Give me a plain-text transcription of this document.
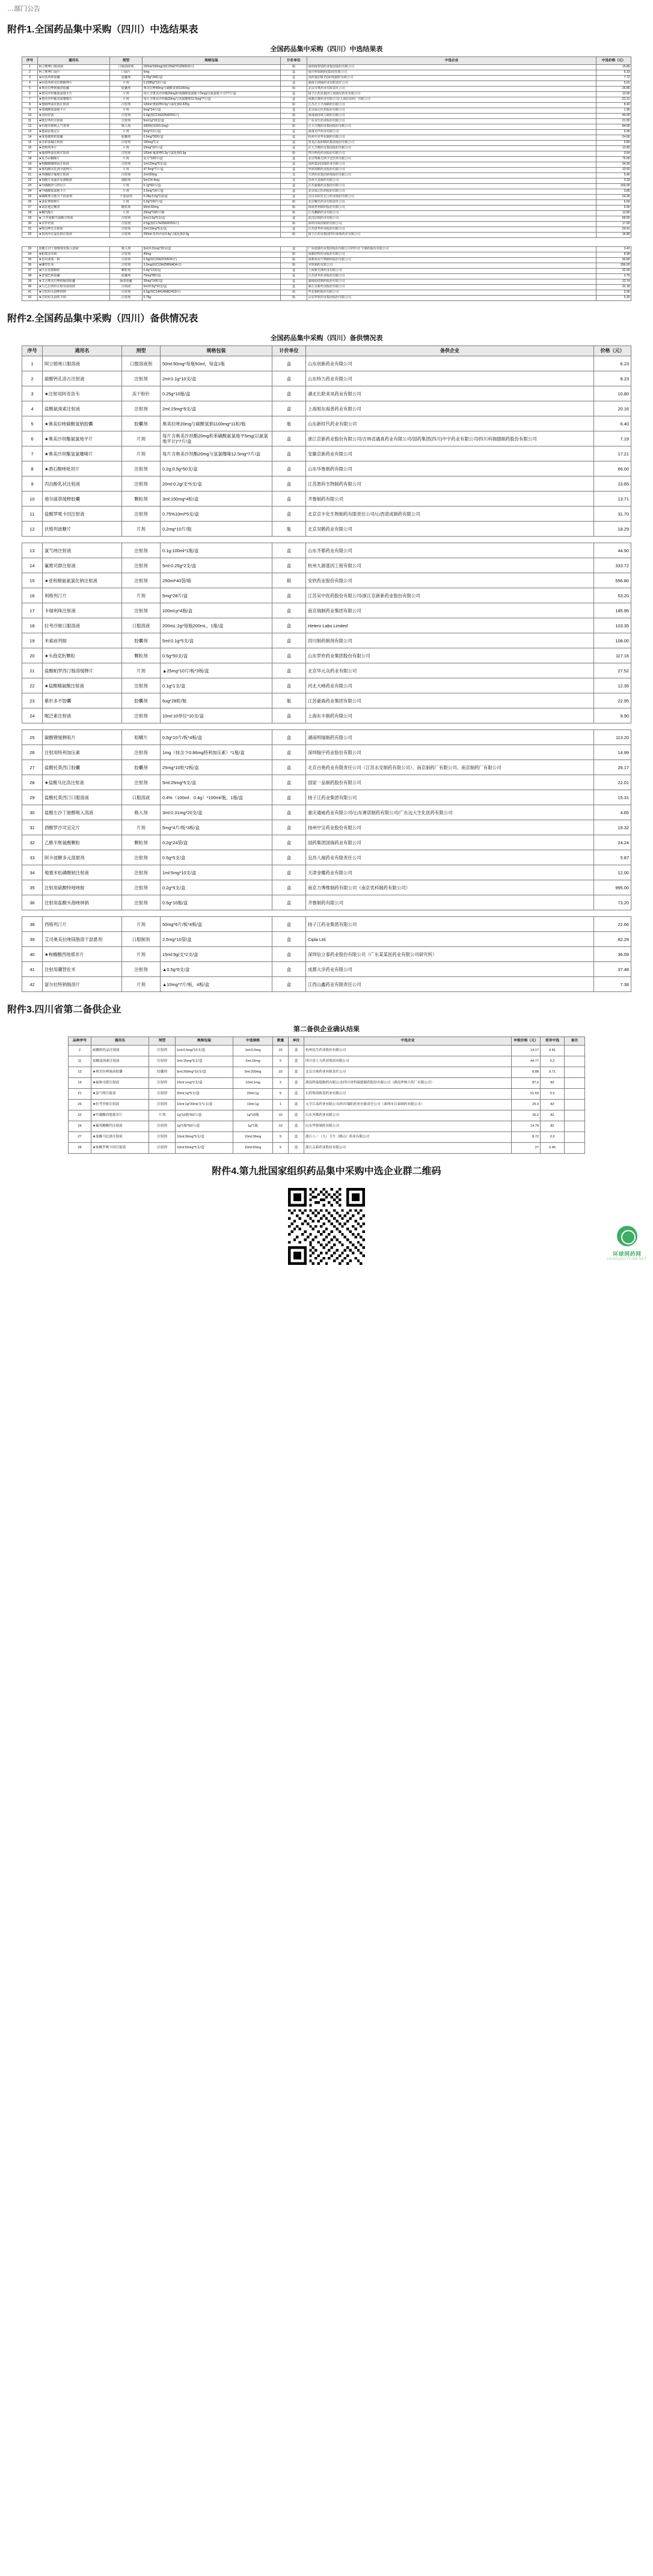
…部门公告
附件1.全国药品集中采购（四川）中选结果表
全国药品集中采购（四川）中选结果表
序号	通用名	剂型	规格包装	计价单位	中选企业	中选价格（元）
1	阿立哌唑口服溶液	口服溶液剂	150ml/150mg(按C23H27Cl2N3O2计)	瓶	深圳海普瑞药业集团股份有限公司	15.80
2	阿立哌唑口崩片	口崩片	5mg	盒	重庆科瑞制药(集团)有限公司	6.33
3	★阿莫西林胶囊	胶囊剂	0.25g*24粒/盒	盒	国药集团致君(深圳)制药有限公司	7.72
4	★阿莫西林克拉维酸钾片	片剂	0.2285g*12片/盒	盒	湖南五洲通药业有限责任公司	5.91
5	★奥美拉唑钠肠溶胶囊	胶囊剂	奥美拉唑40mg与碳酸氢钠1100mg	瓶	北京百奥药业有限责任公司	26.85
6	★奥美沙坦酯氨氯地平片	片剂	每片含奥美沙坦酯20mg和苯磺酸氨氯地平5mg(以氨氯地平计)*7片/盒	盒	扬子江药业集团上海海尼药业有限公司	13.56
7	★奥美沙坦酯氢氯噻嗪片	片剂	每片含奥美沙坦酯20mg与氢氯噻嗪12.5mg*7片/盒	盒	成都正康药业有限公司/上海信谊药厂有限公司	22.31
8	★奥硝唑氯化钠注射液	注射剂	100ml:奥硝唑0.5g与氯化钠0.825g	瓶	江苏正大丰海制药有限公司	8.40
9	★苯磺酸氨氯地平片	片剂	5mg*14片/盒	盒	北京福元医药股份有限公司	1.96
10	★比阿培南	注射剂	0.3g(按C21H22N4O5S计)	瓶	海南通用康力制药有限公司	49.00
11	★吡拉西坦注射液	注射剂	5ml:1g*10支/盒	盒	广东众生药业股份有限公司	21.55
12	★布地奈德吸入气雾剂	吸入剂	200揿(每揿0.1mg)	瓶	正大天晴药业集团股份有限公司	84.00
13	★地氯雷他定片	片剂	5mg*12片/盒	盒	海南先声药业有限公司	6.06
14	★度他雄胺软胶囊	胶囊剂	0.5mg*30粒/盒	盒	杭州中美华东制药有限公司	24.66
15	★多索茶碱注射液	注射剂	100mg*1支	盒	黑龙江福和制药集团股份有限公司	5.80
16	★恩格列净片	片剂	10mg*10片/盒	盒	正大天晴药业集团股份有限公司	12.80
17	★氟康唑氯化钠注射液	注射剂	100ml:氟康唑0.2g与氯化钠0.9g	瓶	四川科伦药业股份有限公司	3.64
18	★复方α-酮酸片	片剂	复方*100片/盒	盒	北京费森尤斯卡比医药有限公司	75.00
19	★枸橼酸咖啡因注射液	注射剂	1ml:20mg*5支/盒	盒	国药集团国瑞药业有限公司	34.90
20	★琥珀酸美托洛尔缓释片	片剂	47.5mg*7片/盒	盒	华润双鹤药业股份有限公司	13.50
21	★环磷腺苷葡胺注射液	注射剂	2ml:90mg	支	天津药业集团新郑股份有限公司	5.90
22	★盐酸左氧氟沙星滴眼液	滴眼剂	5ml:24.4mg	支	苏州天龙制药有限公司	3.33
23	★甲磺酸伊马替尼片	片剂	0.1g*60片/盒	盒	江苏豪森药业集团有限公司	169.00
24	★甲磺酸氨氯地平片	片剂	2.5mg*14片/盒	盒	北京福元医药股份有限公司	3.85
25	★磷酸奥司他韦干混悬剂	干混悬剂	0.36g:0.6g*1袋/盒	盒	宜昌东阳光长江药业股份有限公司	24.36
26	★氯化钾缓释片	片剂	0.5g*100片/盒	瓶	北京曙光药业有限责任公司	6.60
27	★氯雷他定糖浆	糖浆剂	60ml:60mg	瓶	海南普利制药股份有限公司	9.90
28	★螺内酯片	片剂	20mg*100片/瓶	瓶	江苏鹏鹞药业有限公司	12.80
29	★ 门冬氨酸鸟氨酸注射液	注射剂	5ml:2.5g*5支/盒	盒	武汉启瑞药业有限公司	68.55
30	★美罗培南	注射剂	0.5g(按C17H25N3O5S计)	瓶	深圳市海滨制药有限公司	17.90
31	★咪达唑仑注射液	注射剂	2ml:10mg*5支/盒	盒	江苏恩华药业股份有限公司	29.91
32	★莫西沙星氯化钠注射液	注射剂	250ml:莫西沙星0.4g与氯化钠2.0g	瓶	扬子江药业集团四川海蓉药业有限公司	16.80
33	盐酸左沙丁胺醇雾化吸入溶液	吸入剂	3ml:0.31mg*20支/盒	盒	广东迪康药业集团股份有限公司/四川汇宇制药股份有限公司	3.42
34	★帕瑞昔布钠	注射剂	40mg	瓶	成都倍特药业股份有限公司	8.98
35	★培美曲塞二钠	注射剂	0.5g(按C20H21N5O6计)	瓶	成都苑东生物制药股份有限公司	96.80
36	★硼替佐米	注射剂	3.5mg(按C19H25BN4O4计)	瓶	齐鲁制药有限公司	296.00
37	★匹多莫德颗粒	颗粒剂	0.4g*12袋/盒	盒	上海新先锋药业有限公司	32.00
38	★普瑞巴林胶囊	胶囊剂	75mg*8粒/盒	盒	江苏恩华药业股份有限公司	3.76
39	★艾司奥美拉唑钠肠溶胶囊	肠溶胶囊	20mg*14粒/盒	盒	湖南迪诺制药股份有限公司	12.74
40	★左乙拉西坦注射用浓溶液	注射液	5ml:0.5g*10支/盒	盒	浙江京新药业股份有限公司	32.18
41	★注射用头孢唑林钠	注射剂	0.5g(按C14H14N8O4S3计)	瓶	华北制药股份有限公司	3.95
42	★注射用头孢呋辛钠	注射剂	0.75g	瓶	山东罗欣药业集团股份有限公司	5.30
附件2.全国药品集中采购（四川）备供情况表
全国药品集中采购（四川）备供情况表
序号	通用名	剂型	规格包装	计价单位	备供企业	价格（元）
1	阿立哌唑口服溶液	口服溶液剂	50ml:50mg*每瓶50ml，每盒1瓶	盒	山东创新药业有限公司	6.23
2	硫酸钙孔洛古注射液	注射剂	2ml:0.1g*10支/盒	盒	山东特力药业有限公司	8.23
3	★注射用阿奇洛韦	冻干粉针	0.25g*10瓶/盒	盒	湖北长联来凤药业有限公司	10.80
4	盐酸氨溴索注射液	注射剂	2ml:15mg*5支/盒	盒	上海旭东海普药业有限公司	20.16
5	★奥美拉唑碳酸氢钠胶囊	胶囊剂	奥美拉唑20mg与碳酸氢钠1100mg*11粒/瓶	瓶	山东新时代药业有限公司	6.40
6	★奥美沙坦酯氨氯地平片	片剂	每片含奥美沙坦酯20mg和苯磺酸氨氯地平5mg(以氨氯地平计)*7片/盒	盒	浙江京新药业股份有限公司/吉林省遇真药业有限公司/国药集团(四川)中宇药业有限公司/四川科瑞德制药股份有限公司	7.19
7	★奥美沙坦酯氢氯噻嗪片	片剂	每片含奥美沙坦酯20mg与氢氯噻嗪12.5mg*7片/盒	盒	安徽京新药业有限公司	17.21
8	★酒石酸唑吡坦片	注射剂	0.2g:0.5g*50支/盒	盒	山东华鲁制药有限公司	66.00
9	丙泊酚乳状注射液	注射剂	20ml:0.2g/支*5支/盒	盒	江苏恩科生物制药有限公司	23.65
10	地尔硫䓬缓释胶囊	颗粒剂	3ml:150mg*4粒/盒	盒	齐鲁制药有限公司	13.71
11	盐酸罗哌卡因注射液	注射剂	0.75%10ml*5支/盒	盒	北京京丰化生物制药有限责任公司/山西诺成制药有限公司	31.70
12	伏格列波糖片	片剂	0.2mg*10片/瓶	瓶	北京双鹤药业有限公司	18.29
13	氯气唑注射液	注射剂	0.1g:100ml*1瓶/盒	盒	山东齐都药业有限公司	44.90
14	氟维司群注射液	注射剂	5ml:0.25g*2支/盒	盒	杭州九源基因工程有限公司	333.72
15	★亚班精氨氨氯化钠注射液	注射剂	250ml*40袋/箱	箱	安欣药业股份有限公司	556.80
16	利格列汀片	片剂	5mg*28片/盒	盒	江苏吴中医药股份有限公司/浙江京新新药业股份有限公司	53.20
17	卡瑞利珠注射液	注射剂	100ml:p*4瓶/盒	盒	南京瑞制药业集团有限公司	185.95
18	拉考沙胺口服溶液	口服溶液	200mL:2g*每瓶200mL，1瓶/盒	盒	Hetero Labs Limited	103.35
19	米索前列胺	胶囊剂	5ml:0.1g*5支/盒	盒	四川制药制剂有限公司	108.00
20	★头孢克肟颗粒	颗粒剂	0.5g*50支/盒	盒	山东罗欣药业集团股份有限公司	117.16
21	盐酸帕罗西汀肠溶缓释片	片剂	▲25mg*10片/板*3板/盒	盒	北京华元众药业有限公司	27.52
22	★盐酸精氨酸注射液	注射剂	0.1g*1支/盒	盒	河北大峰药业有限公司	12.35
23	紫杉多不胶囊	胶囊剂	6ug*28粒/瓶	瓶	江苏豪森药业集团有限公司	22.95
24	喔泛素注射液	注射剂	10ml:10单位*10支/盒	盒	上海东丰制药有限公司	9.90
25	碳酸锂缓释咀片	咀嚼片	0.5g*10片/板*4板/盒	盒	湖南明瑞制药有限公司	113.20
26	注射用特利加压素	注射剂	1mg（按含少0.86mg特利加压素）*1瓶/盒	盒	深圳翰宇药业股份有限公司	14.99
27	盐酸托莫西汀胶囊	胶囊剂	25mg*10粒*2板/盒	盒	北京百奥药业有限责任公司（江苏永安制药有限公司）、南京制药厂有限公司、南京制药厂有限公司	26.17
28	★盐酸马比洛注射液	注射剂	5ml:25mg*5支/盒	盒	国家一品制药股份有限公司	22.01
29	盐酸托莫西汀口服溶液	口服溶液	0.4%（100ml：0.4g）*100ml/瓶，1瓶/盒	盒	扬子江药业集团有限公司	15.31
30	盐酸左沙丁胺醇吸入溶液	吸入剂	3ml:0.31mg*20支/盒	盒	重庆通威药业有限公司/山东赛诺制药有限公司/广东远大生化医药有限公司	4.65
31	酒酸罗沙司宜定片	片剂	5mg*4片/板*3板/盒	盒	扬州中宝药业股份有限公司	19.32
32	乙酰半胱氨酸颗粒	颗粒剂	0.2g*24袋/盒	盒	国药集团国瑞药业有限公司	24.24
33	阿卡波糖多元混悬剂	注射剂	0.5g*5支/盒	盒	宜昌人福药业有限责任公司	5.87
34	地塞米松磷酸钠注射液	注射剂	1ml:5mg*10支/盒	盒	天津金耀药业有限公司	12.00
35	注射用硫酸特地唑胺	注射剂	0.2g*5支/盒	盒	南京力博维制药有限公司（南京优科制药有限公司）	995.00
36	注射用盐酸头孢唑林钠	注射剂	0.5g*10瓶/盒	盒	齐鲁制药有限公司	73.20
38	西格列汀片	片剂	50mg*6片/板*4板/盒	盒	扬子江药业集团有限公司	22.66
39	艾司奥美拉唑镁肠溶干混悬剂	口服制剂	2.5mg*10袋/盒	盒	Cipla Ltd.	82.29
40	★枸橼酸西地那非片	片剂	15ml:5g/支*2支/盒	盒	深圳信立泰药业股份有限公司（广东某某医药业有限公司研究所）	36.59
41	注射用硼替佐米	注射剂	▲0.5g*6支/盒	盒	成都大洋药业有限公司	37.48
42	富尔拉特钠肠溶片	片剂	▲10mg*7片/板，4板/盒	盒	江西山鑫药业有限责任公司	7.38
附件3.四川省第二备供企业
第二备供企业确认结果
品种序号	通用名	剂型	规格包装	中选规格	数量	单位	中选企业	申报价格（元）	差异中选	备注
2	硫酸阿托品注射液	注射剂	1ml:0.5mg*10支/盒	1ml:0.5mg	10	盒	杭州民生药业股份有限公司	14.17	0.81	
11	盐酸氨溴索注射液	注射剂	2ml:15mg*5支/盒	2ml:15mg	5	盒	四川金士力药业集团有限公司	44.77	0.2	
13	★奥美拉唑肠溶胶囊	胶囊剂	5ml:200mg*10支/盒	5ml:200mg	10	盒	北京百奥药业有限责任公司	8.88	0.71	
19	★氟维司群注射液	注射剂	10ml:1mg*2支/盒	10ml:1mg	2	盒	湖南科瑞德制药有限公司/四川省科瑞德制药股份有限公司（湖南华纳大药厂有限公司）	87.6	82	
21	★氯气唑注射液	注射剂	20ml:1g*5支/盒	20ml:1g	5	盒	石药集团欧意药业有限公司	51.69	0.2	
26	★拉考沙胺注射液	注射剂	10ml:1g*20ml/支*1支/盒	10ml:1g	1	盒	元亨江南药业有限公司/四川蜀阳药业有限责任公司（深圳市百泰制药有限公司）	29.3	82	
22	★甲磺酸西地那非片	片剂	1g*10瓶*60片/盒	1g*10瓶	10	盒	山东齐都药业有限公司	25.2	82	
24	★葡萄糖酸钙注射液	注射剂	1g*1瓶*60片/盒	1g*1瓶	10	盒	山东华鲁制药有限公司	14.79	82	
27	★盐酸马比洛注射液	注射剂	10ml:36mg*5支/盒	10ml:36mg	5	盒	浙江八一（九）卫生（鹤山）药业有限公司	8.72	0.3	
28	★盐酸罗哌卡因注射液	注射剂	10ml:50mg*5支/盒	10ml:50mg	5	盒	浙江京新药业股份有限公司	27	0.45	
附件4.第九批国家组织药品集中采购中选企业群二维码
环球网药网
HUANQIUYYSW.NET
